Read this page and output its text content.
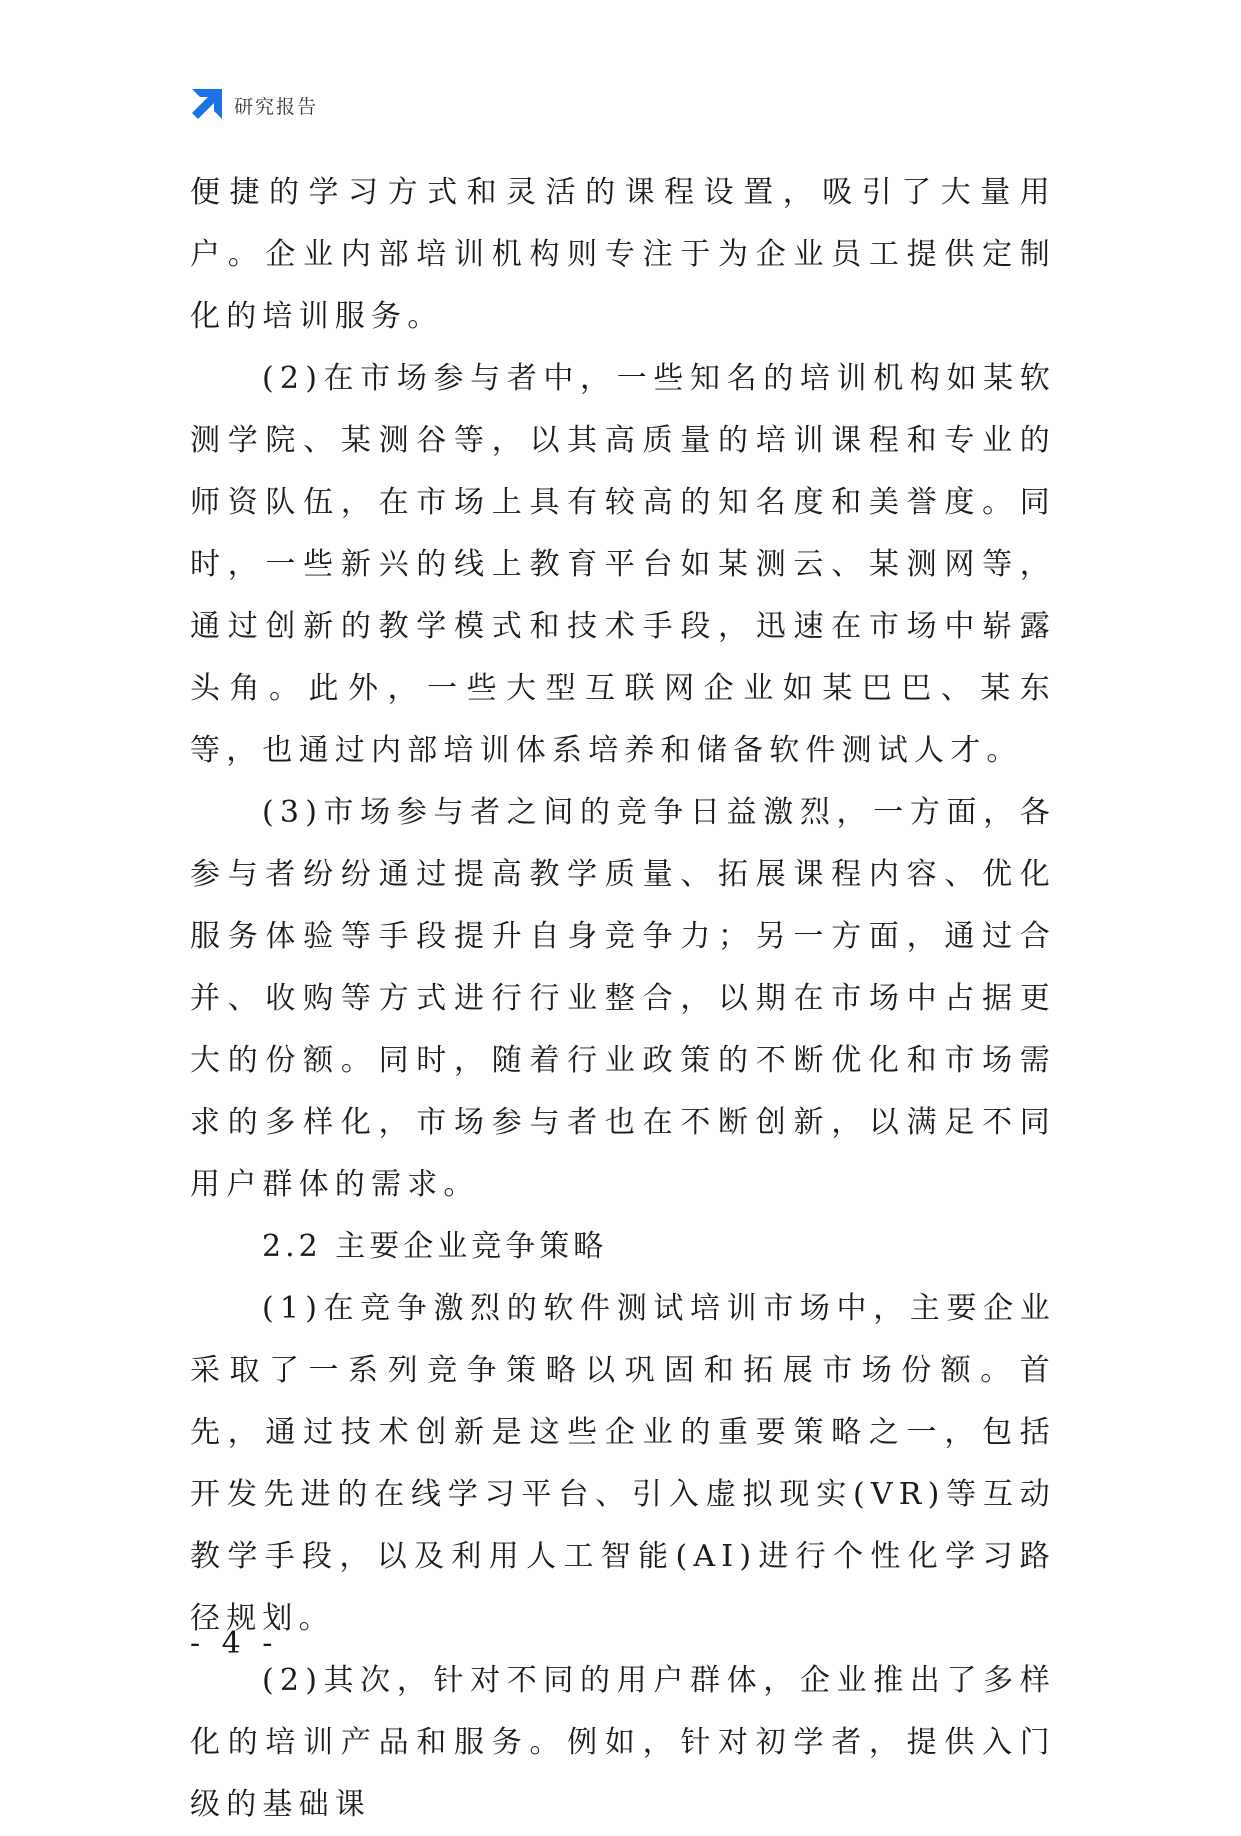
研究报告

便捷的学习方式和灵活的课程设置，吸引了大量用户。企业内部培训机构则专注于为企业员工提供定制化的培训服务。

(2)在市场参与者中，一些知名的培训机构如某软测学院、某测谷等，以其高质量的培训课程和专业的师资队伍，在市场上具有较高的知名度和美誉度。同时，一些新兴的线上教育平台如某测云、某测网等，通过创新的教学模式和技术手段，迅速在市场中崭露头角。此外，一些大型互联网企业如某巴巴、某东等，也通过内部培训体系培养和储备软件测试人才。

(3)市场参与者之间的竞争日益激烈，一方面，各参与者纷纷通过提高教学质量、拓展课程内容、优化服务体验等手段提升自身竞争力；另一方面，通过合并、收购等方式进行行业整合，以期在市场中占据更大的份额。同时，随着行业政策的不断优化和市场需求的多样化，市场参与者也在不断创新，以满足不同用户群体的需求。

2.2 主要企业竞争策略

(1)在竞争激烈的软件测试培训市场中，主要企业采取了一系列竞争策略以巩固和拓展市场份额。首先，通过技术创新是这些企业的重要策略之一，包括开发先进的在线学习平台、引入虚拟现实(VR)等互动教学手段，以及利用人工智能(AI)进行个性化学习路径规划。

(2)其次，针对不同的用户群体，企业推出了多样化的培训产品和服务。例如，针对初学者，提供入门级的基础课

- 4 -
